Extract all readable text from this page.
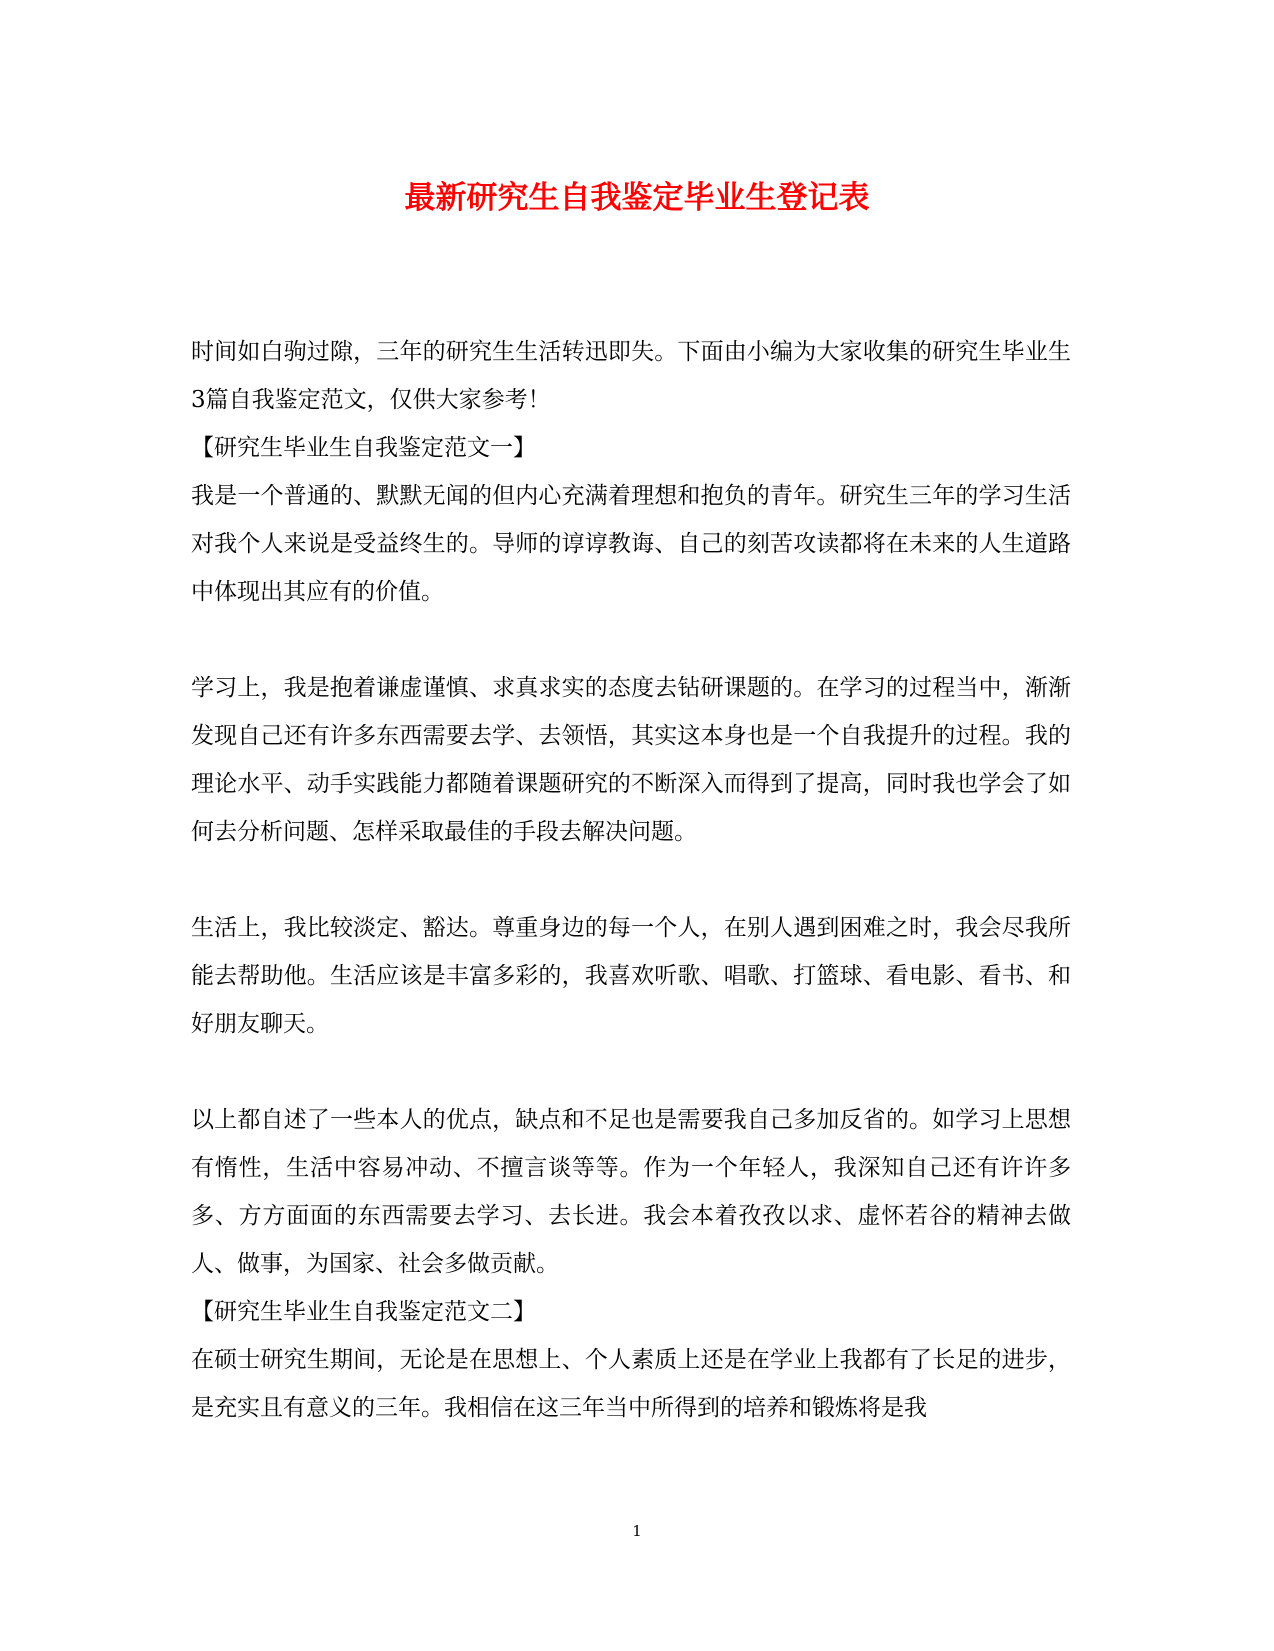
最新研究生自我鉴定毕业生登记表

时间如白驹过隙，三年的研究生生活转迅即失。下面由小编为大家收集的研究生毕业生3篇自我鉴定范文，仅供大家参考！

【研究生毕业生自我鉴定范文一】

我是一个普通的、默默无闻的但内心充满着理想和抱负的青年。研究生三年的学习生活对我个人来说是受益终生的。导师的谆谆教诲、自己的刻苦攻读都将在未来的人生道路中体现出其应有的价值。

学习上，我是抱着谦虚谨慎、求真求实的态度去钻研课题的。在学习的过程当中，渐渐发现自己还有许多东西需要去学、去领悟，其实这本身也是一个自我提升的过程。我的理论水平、动手实践能力都随着课题研究的不断深入而得到了提高，同时我也学会了如何去分析问题、怎样采取最佳的手段去解决问题。

生活上，我比较淡定、豁达。尊重身边的每一个人，在别人遇到困难之时，我会尽我所能去帮助他。生活应该是丰富多彩的，我喜欢听歌、唱歌、打篮球、看电影、看书、和好朋友聊天。

以上都自述了一些本人的优点，缺点和不足也是需要我自己多加反省的。如学习上思想有惰性，生活中容易冲动、不擅言谈等等。作为一个年轻人，我深知自己还有许许多多、方方面面的东西需要去学习、去长进。我会本着孜孜以求、虚怀若谷的精神去做人、做事，为国家、社会多做贡献。

【研究生毕业生自我鉴定范文二】

在硕士研究生期间，无论是在思想上、个人素质上还是在学业上我都有了长足的进步，是充实且有意义的三年。我相信在这三年当中所得到的培养和锻炼将是我

1
